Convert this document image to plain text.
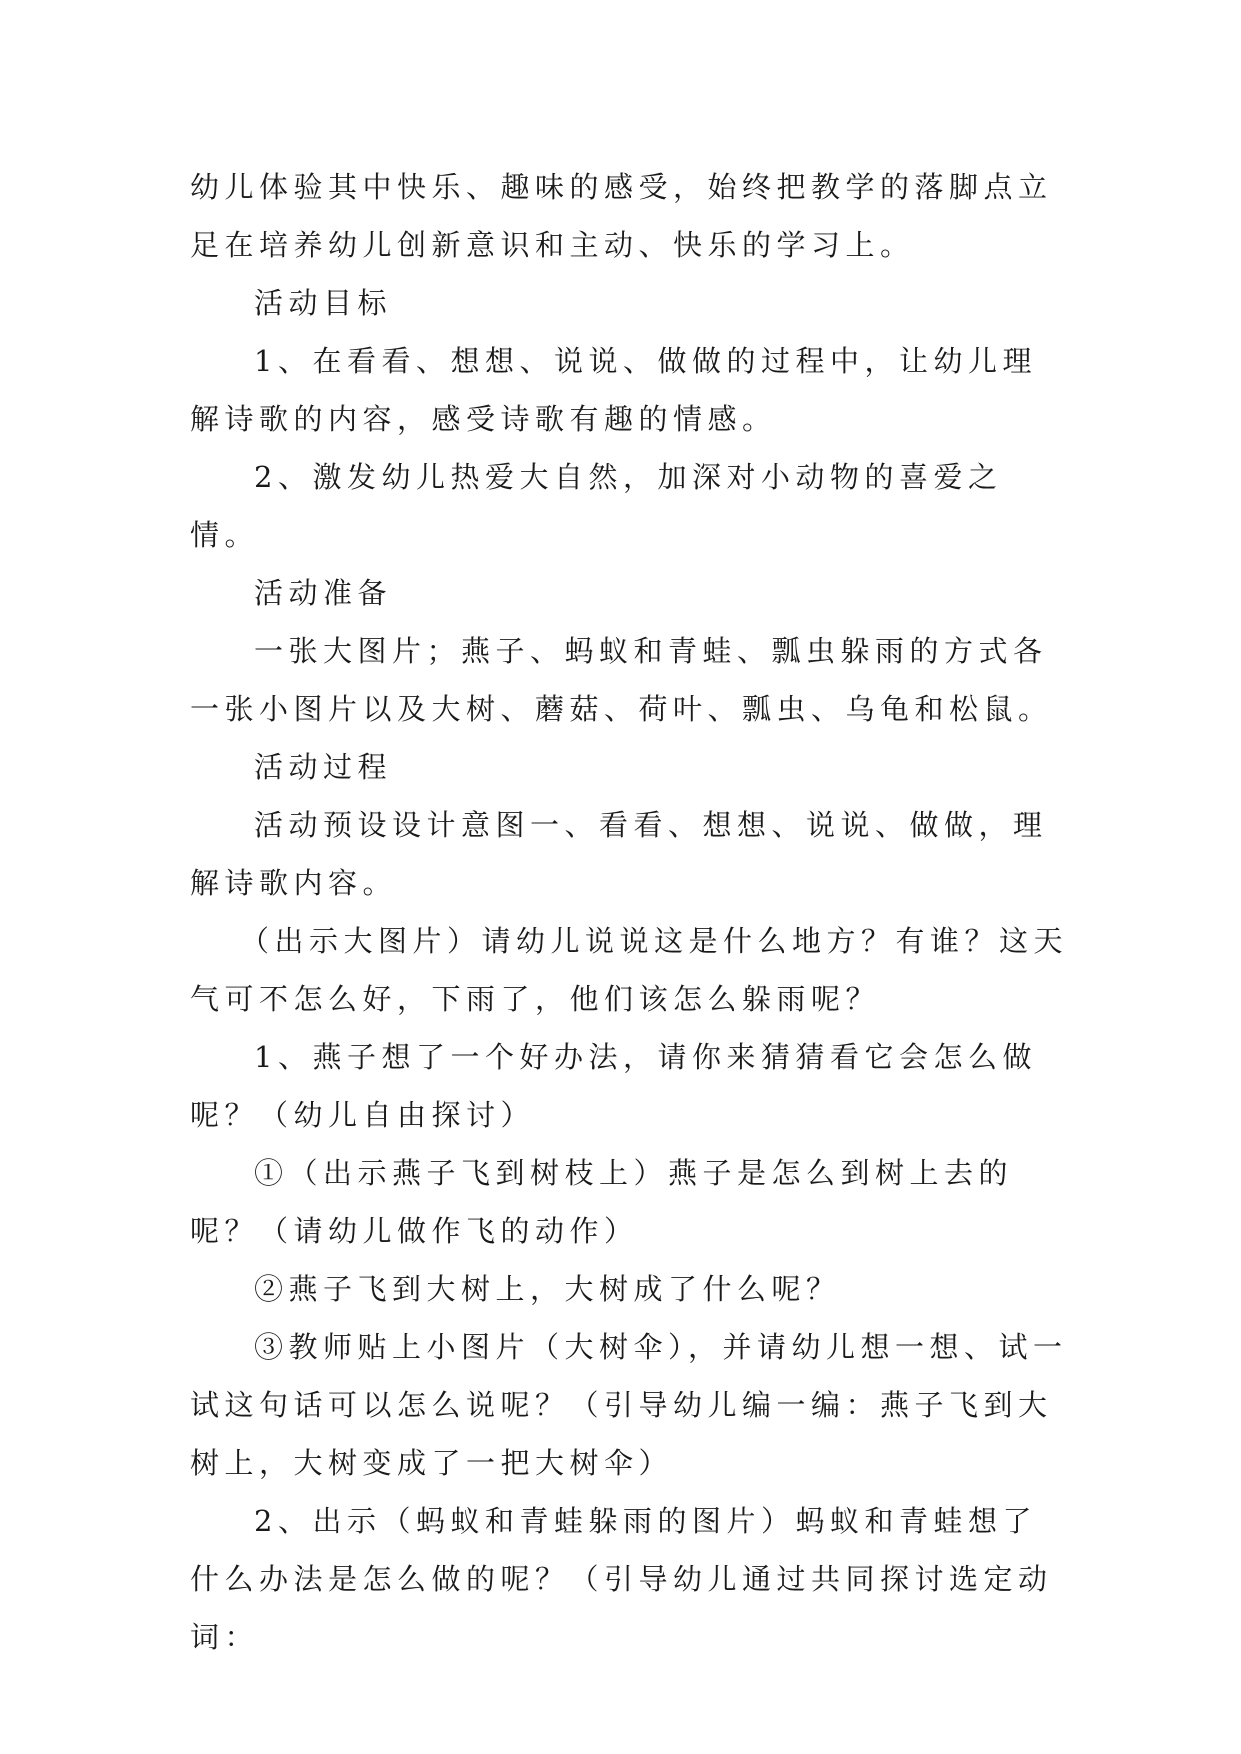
幼儿体验其中快乐、趣味的感受，始终把教学的落脚点立足在培养幼儿创新意识和主动、快乐的学习上。

活动目标

1、在看看、想想、说说、做做的过程中，让幼儿理解诗歌的内容，感受诗歌有趣的情感。

2、激发幼儿热爱大自然，加深对小动物的喜爱之情。

活动准备

一张大图片；燕子、蚂蚁和青蛙、瓢虫躲雨的方式各一张小图片以及大树、蘑菇、荷叶、瓢虫、乌龟和松鼠。

活动过程

活动预设设计意图一、看看、想想、说说、做做，理解诗歌内容。

（出示大图片）请幼儿说说这是什么地方？有谁？这天气可不怎么好，下雨了，他们该怎么躲雨呢？

1、燕子想了一个好办法，请你来猜猜看它会怎么做呢？（幼儿自由探讨）

①（出示燕子飞到树枝上）燕子是怎么到树上去的呢？（请幼儿做作飞的动作）

②燕子飞到大树上，大树成了什么呢？

③教师贴上小图片（大树伞），并请幼儿想一想、试一试这句话可以怎么说呢？（引导幼儿编一编：燕子飞到大树上，大树变成了一把大树伞）

2、出示（蚂蚁和青蛙躲雨的图片）蚂蚁和青蛙想了什么办法是怎么做的呢？（引导幼儿通过共同探讨选定动词：
